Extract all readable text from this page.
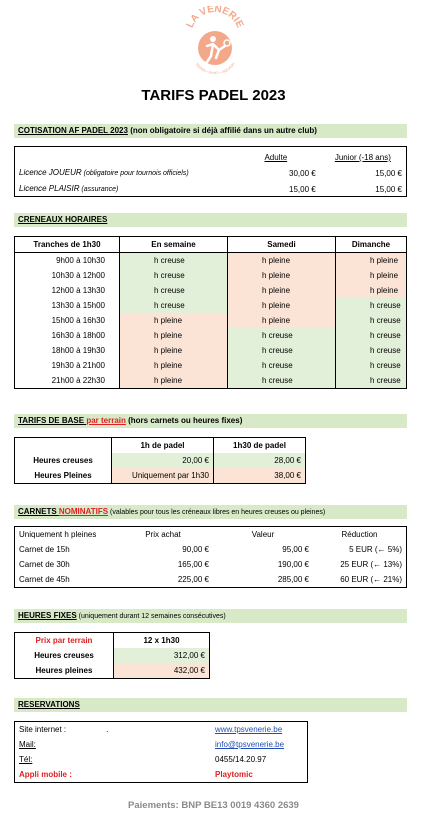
LA VENERIE
TENNIS • PADEL • SQUASH
TARIFS PADEL 2023
COTISATION AF PADEL 2023 (non obligatoire si déjà affilié dans un autre club)
	Adulte	Junior (-18 ans)
Licence JOUEUR (obligatoire pour tournois officiels)	30,00 €	15,00 €
Licence PLAISIR (assurance)	15,00 €	15,00 €
CRENEAUX HORAIRES
Tranches de 1h30	En semaine	Samedi	Dimanche
9h00 à 10h30	h creuse	h pleine	h pleine
10h30 à 12h00	h creuse	h pleine	h pleine
12h00 à 13h30	h creuse	h pleine	h pleine
13h30 à 15h00	h creuse	h pleine	h creuse
15h00 à 16h30	h pleine	h pleine	h creuse
16h30 à 18h00	h pleine	h creuse	h creuse
18h00 à 19h30	h pleine	h creuse	h creuse
19h30 à 21h00	h pleine	h creuse	h creuse
21h00 à 22h30	h pleine	h creuse	h creuse
TARIFS DE BASE par terrain (hors carnets ou heures fixes)
	1h de padel	1h30 de padel
Heures creuses	20,00 €	28,00 €
Heures Pleines	Uniquement par 1h30	38,00 €
CARNETS NOMINATIFS (valables pour tous les créneaux libres en heures creuses ou pleines)
Uniquement h pleines	Prix achat	Valeur	Réduction
Carnet de 15h	90,00 €	95,00 €	5 EUR (← 5%)
Carnet de 30h	165,00 €	190,00 €	25 EUR (← 13%)
Carnet de 45h	225,00 €	285,00 €	60 EUR (← 21%)
HEURES FIXES (uniquement durant 12 semaines consécutives)
Prix par terrain	12 x 1h30
Heures creuses	312,00 €
Heures pleines	432,00 €
RESERVATIONS
Site internet : .	www.tpsvenerie.be
Mail:	info@tpsvenerie.be
Tél:	0455/14.20.97
Appli mobile :	Playtomic
Paiements: BNP BE13 0019 4360 2639
